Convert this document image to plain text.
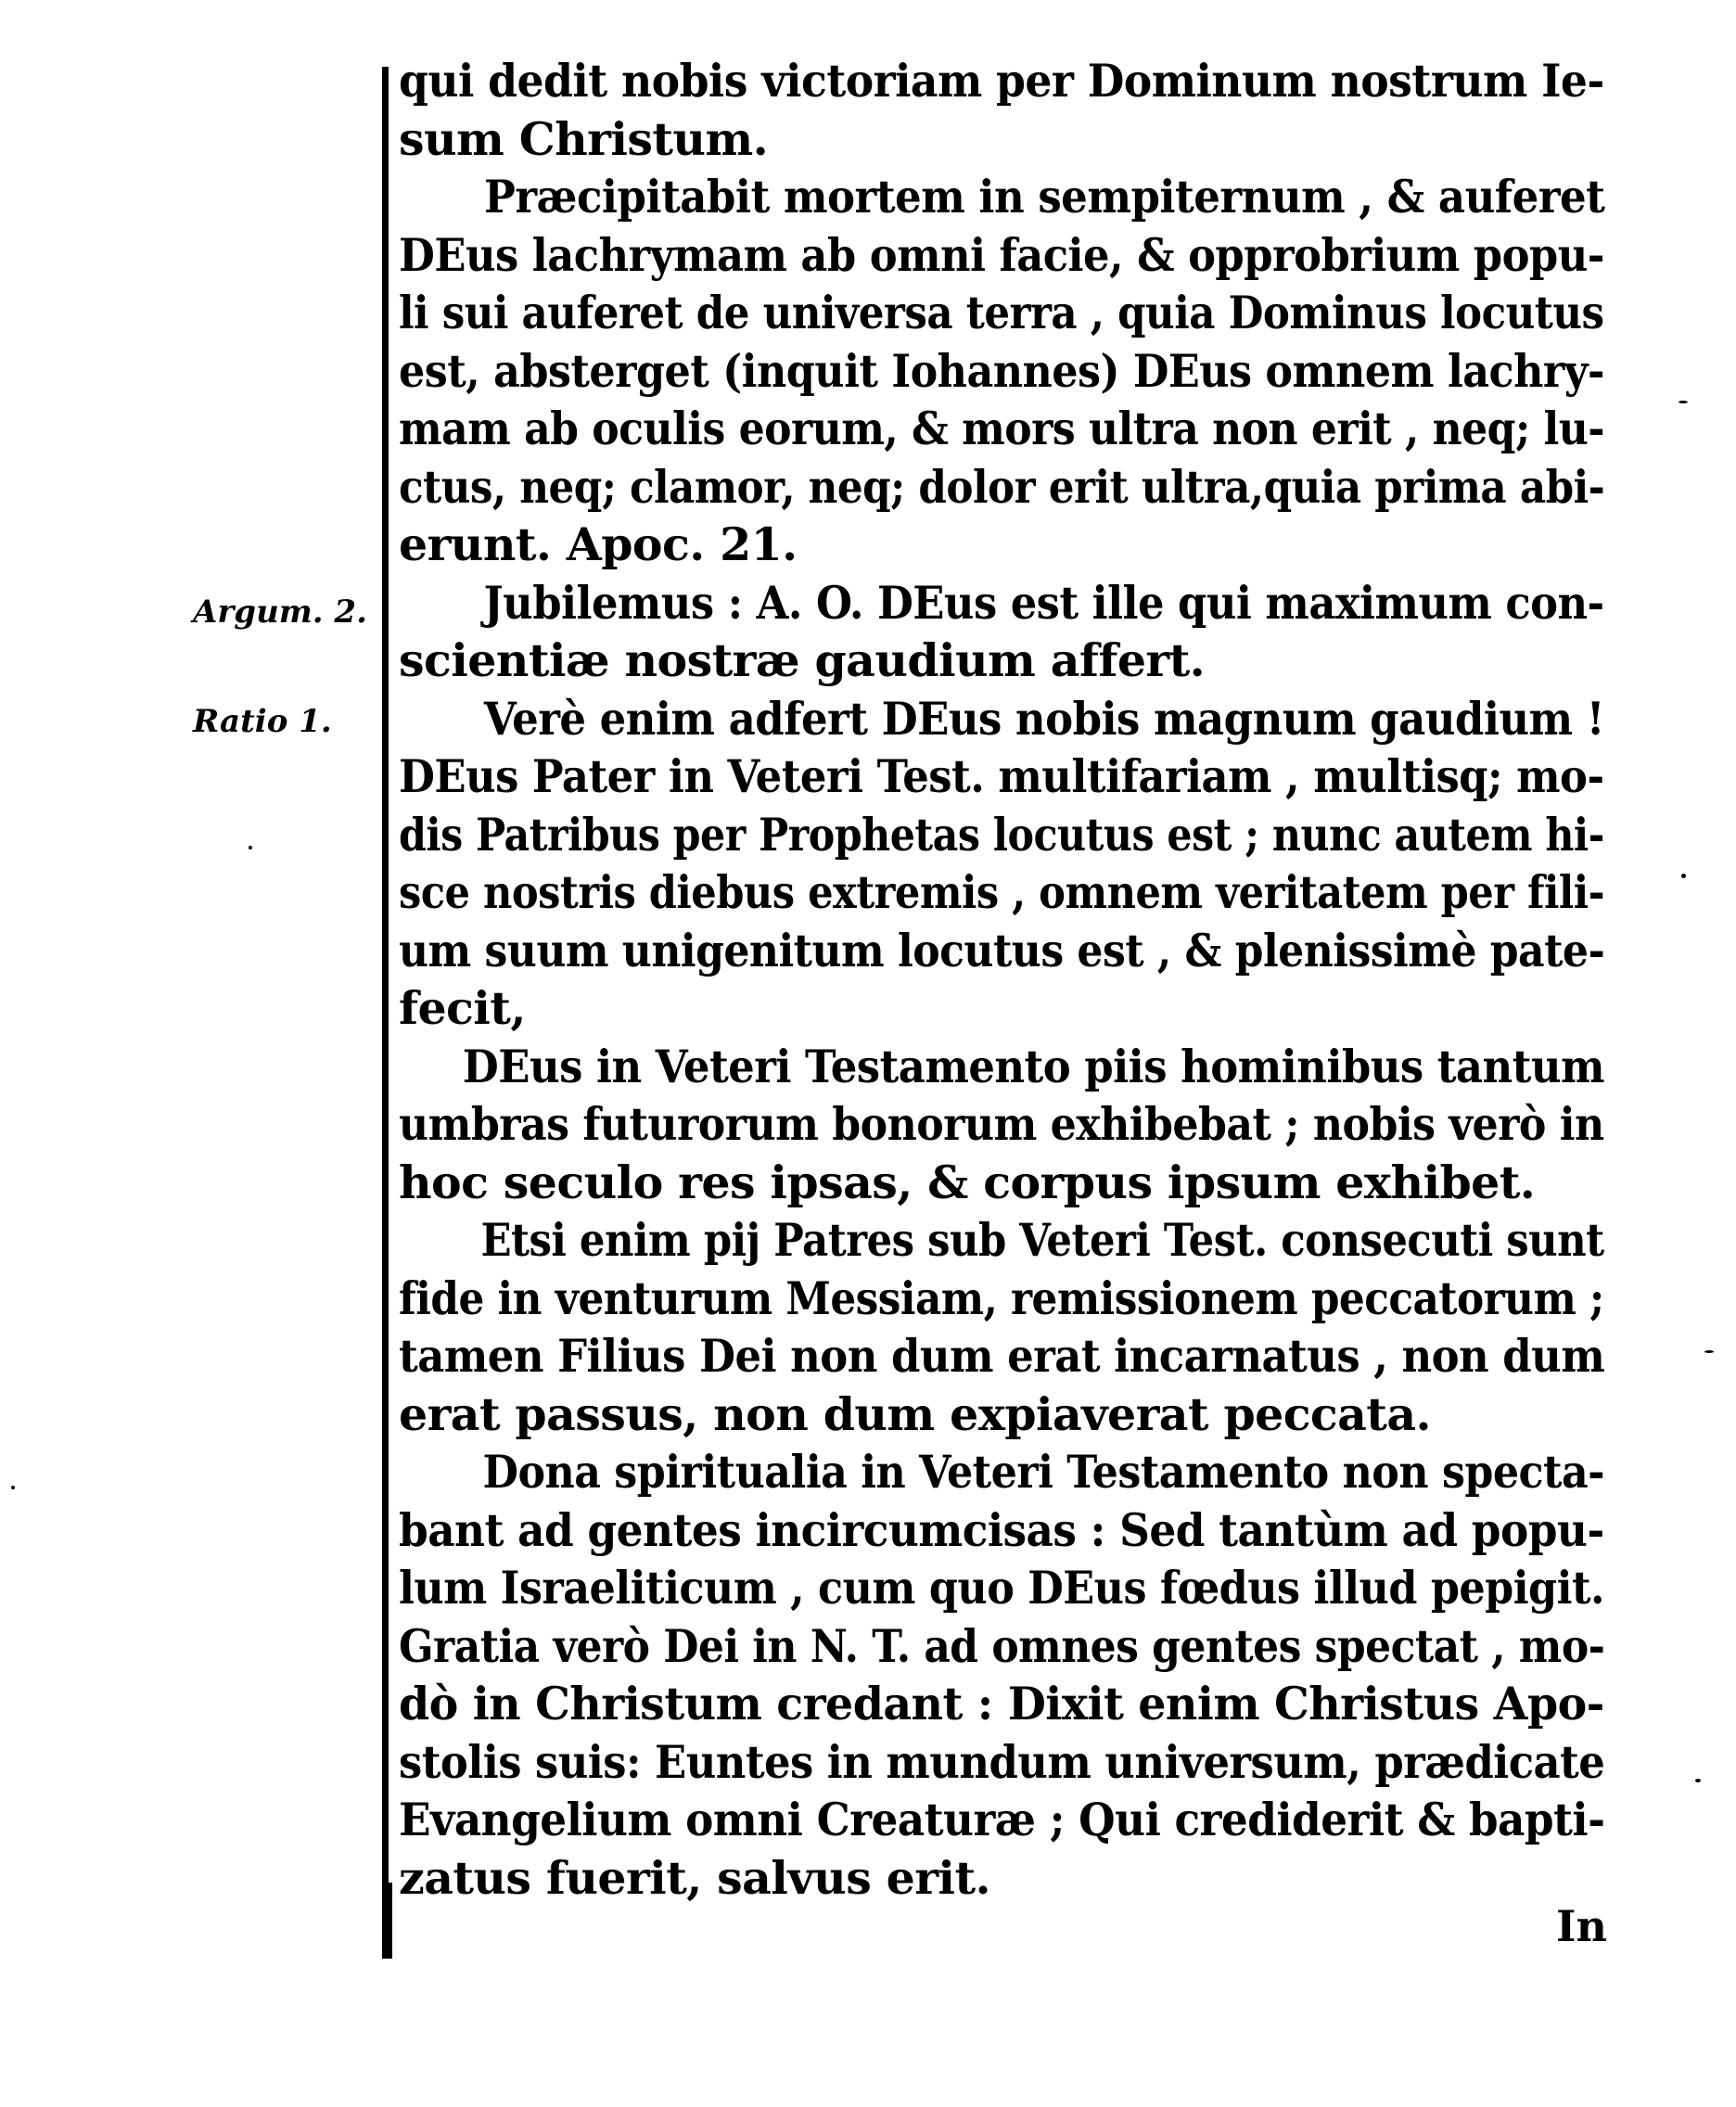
Argum. 2.
Ratio 1.
qui dedit nobis victoriam per Dominum nostrum Ie-
sum Christum.
Præcipitabit mortem in sempiternum , & auferet
DEus lachrymam ab omni facie, & opprobrium popu-
li sui auferet de universa terra , quia Dominus locutus
est, absterget (inquit Iohannes) DEus omnem lachry-
mam ab oculis eorum, & mors ultra non erit , neq; lu-
ctus, neq; clamor, neq; dolor erit ultra,quia prima abi-
erunt. Apoc. 21.
Jubilemus : A. O. DEus est ille qui maximum con-
scientiæ nostræ gaudium affert.
Verè enim adfert DEus nobis magnum gaudium !
DEus Pater in Veteri Test. multifariam , multisq; mo-
dis Patribus per Prophetas locutus est ; nunc autem hi-
sce nostris diebus extremis , omnem veritatem per fili-
um suum unigenitum locutus est , & plenissimè pate-
fecit,
DEus in Veteri Testamento piis hominibus tantum
umbras futurorum bonorum exhibebat ; nobis verò in
hoc seculo res ipsas, & corpus ipsum exhibet.
Etsi enim pij Patres sub Veteri Test. consecuti sunt
fide in venturum Messiam, remissionem peccatorum ;
tamen Filius Dei non dum erat incarnatus , non dum
erat passus, non dum expiaverat peccata.
Dona spiritualia in Veteri Testamento non specta-
bant ad gentes incircumcisas : Sed tantùm ad popu-
lum Israeliticum , cum quo DEus fœdus illud pepigit.
Gratia verò Dei in N. T. ad omnes gentes spectat , mo-
dò in Christum credant : Dixit enim Christus Apo-
stolis suis: Euntes in mundum universum, prædicate
Evangelium omni Creaturæ ; Qui crediderit & bapti-
zatus fuerit, salvus erit.
In
